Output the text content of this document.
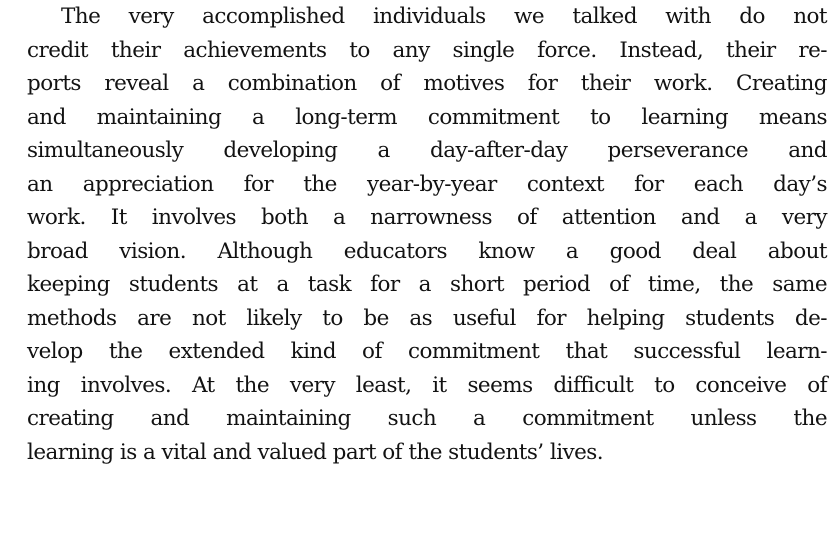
The very accomplished individuals we talked with do not
credit their achievements to any single force. Instead, their re-
ports reveal a combination of motives for their work. Creating
and maintaining a long-term commitment to learning means
simultaneously developing a day-after-day perseverance and
an appreciation for the year-by-year context for each day’s
work. It involves both a narrowness of attention and a very
broad vision. Although educators know a good deal about
keeping students at a task for a short period of time, the same
methods are not likely to be as useful for helping students de-
velop the extended kind of commitment that successful learn-
ing involves. At the very least, it seems difficult to conceive of
creating and maintaining such a commitment unless the
learning is a vital and valued part of the students’ lives.
